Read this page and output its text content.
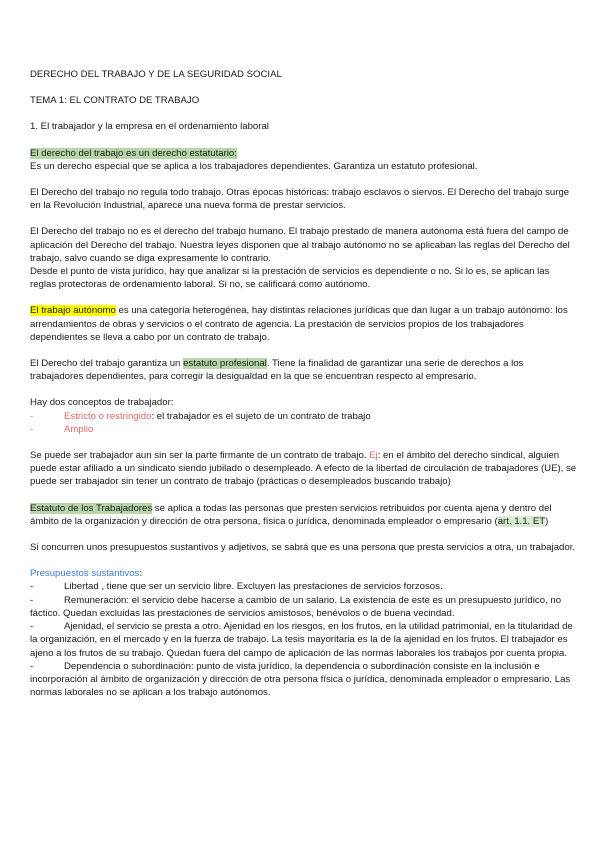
DERECHO DEL TRABAJO Y DE LA SEGURIDAD SOCIAL

TEMA 1: EL CONTRATO DE TRABAJO

1. El trabajador y la empresa en el ordenamiento laboral

El derecho del trabajo es un derecho estatutario:
Es un derecho especial que se aplica a los trabajadores dependientes. Garantiza un estatuto profesional.

El Derecho del trabajo no regula todo trabajo. Otras épocas históricas: trabajo esclavos o siervos. El Derecho del trabajo surge en la Revolución Industrial, aparece una nueva forma de prestar servicios.

El Derecho del trabajo no es el derecho del trabajo humano. El trabajo prestado de manera autónoma está fuera del campo de aplicación del Derecho del trabajo. Nuestra leyes disponen que al trabajo autónomo no se aplicaban las reglas del Derecho del trabajo, salvo cuando se diga expresamente lo contrario.
Desde el punto de vista jurídico, hay que analizar si la prestación de servicios es dependiente o no. Si lo es, se aplican las reglas protectoras de ordenamiento laboral. Si no, se calificará como autónomo.

El trabajo autónomo es una categoría heterogénea, hay distintas relaciones jurídicas que dan lugar a un trabajo autónomo: los arrendamientos de obras y servicios o el contrato de agencia. La prestación de servicios propios de los trabajadores dependientes se lleva a cabo por un contrato de trabajo.

El Derecho del trabajo garantiza un estatuto profesional. Tiene la finalidad de garantizar una serie de derechos a los trabajadores dependientes, para corregir la desigualdad en la que se encuentran respecto al empresario.

Hay dos conceptos de trabajador:

-	Estricto o restringido: el trabajador es el sujeto de un contrato de trabajo
-	Amplio

Se puede ser trabajador aun sin ser la parte firmante de un contrato de trabajo. Ej: en el ámbito del derecho sindical, alguien puede estar afiliado a un sindicato siendo jubilado o desempleado. A efecto de la libertad de circulación de trabajadores (UE), se puede ser trabajador sin tener un contrato de trabajo (prácticas o desempleados buscando trabajo)

Estatuto de los Trabajadores se aplica a todas las personas que presten servicios retribuidos por cuenta ajena y dentro del ámbito de la organización y dirección de otra persona, física o jurídica, denominada empleador o empresario (art. 1.1. ET)

Si concurren unos presupuestos sustantivos y adjetivos, se sabrá que es una persona que presta servicios a otra, un trabajador.

Presupuestos sustantivos:

-	Libertad , tiene que ser un servicio libre. Excluyen las prestaciones de servicios forzosos.

-	Remuneración: el servicio debe hacerse a cambio de un salario. La existencia de este es un presupuesto jurídico, no fáctico. Quedan excluidas las prestaciones de servicios amistosos, benévolos o de buena vecindad.

-	Ajenidad, el servicio se presta a otro. Ajenidad en los riesgos, en los frutos, en la utilidad patrimonial, en la titularidad de la organización, en el mercado y en la fuerza de trabajo. La tesis mayoritaria es la de la ajenidad en los frutos. El trabajador es ajeno a los frutos de su trabajo. Quedan fuera del campo de aplicación de las normas laborales los trabajos por cuenta propia.

-	Dependencia o subordinación: punto de vista jurídico, la dependencia o subordinación consiste en la inclusión e incorporación al ámbito de organización y dirección de otra persona física o jurídica, denominada empleador o empresario. Las normas laborales no se aplican a los trabajo autónomos.
